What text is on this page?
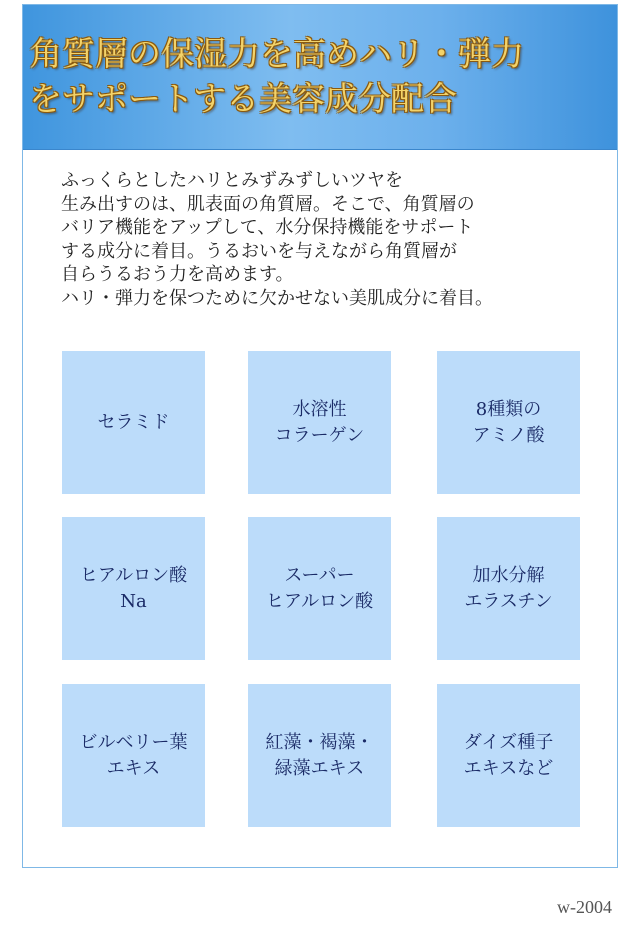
角質層の保湿力を高めハリ・弾力
をサポートする美容成分配合

ふっくらとしたハリとみずみずしいツヤを
生み出すのは、肌表面の角質層。そこで、角質層の
バリア機能をアップして、水分保持機能をサポート
する成分に着目。うるおいを与えながら角質層が
自らうるおう力を高めます。
ハリ・弾力を保つために欠かせない美肌成分に着目。

セラミド
水溶性
コラーゲン
8種類の
アミノ酸
ヒアルロン酸
Na
スーパー
ヒアルロン酸
加水分解
エラスチン
ビルベリー葉
エキス
紅藻・褐藻・
緑藻エキス
ダイズ種子
エキスなど
w-2004
